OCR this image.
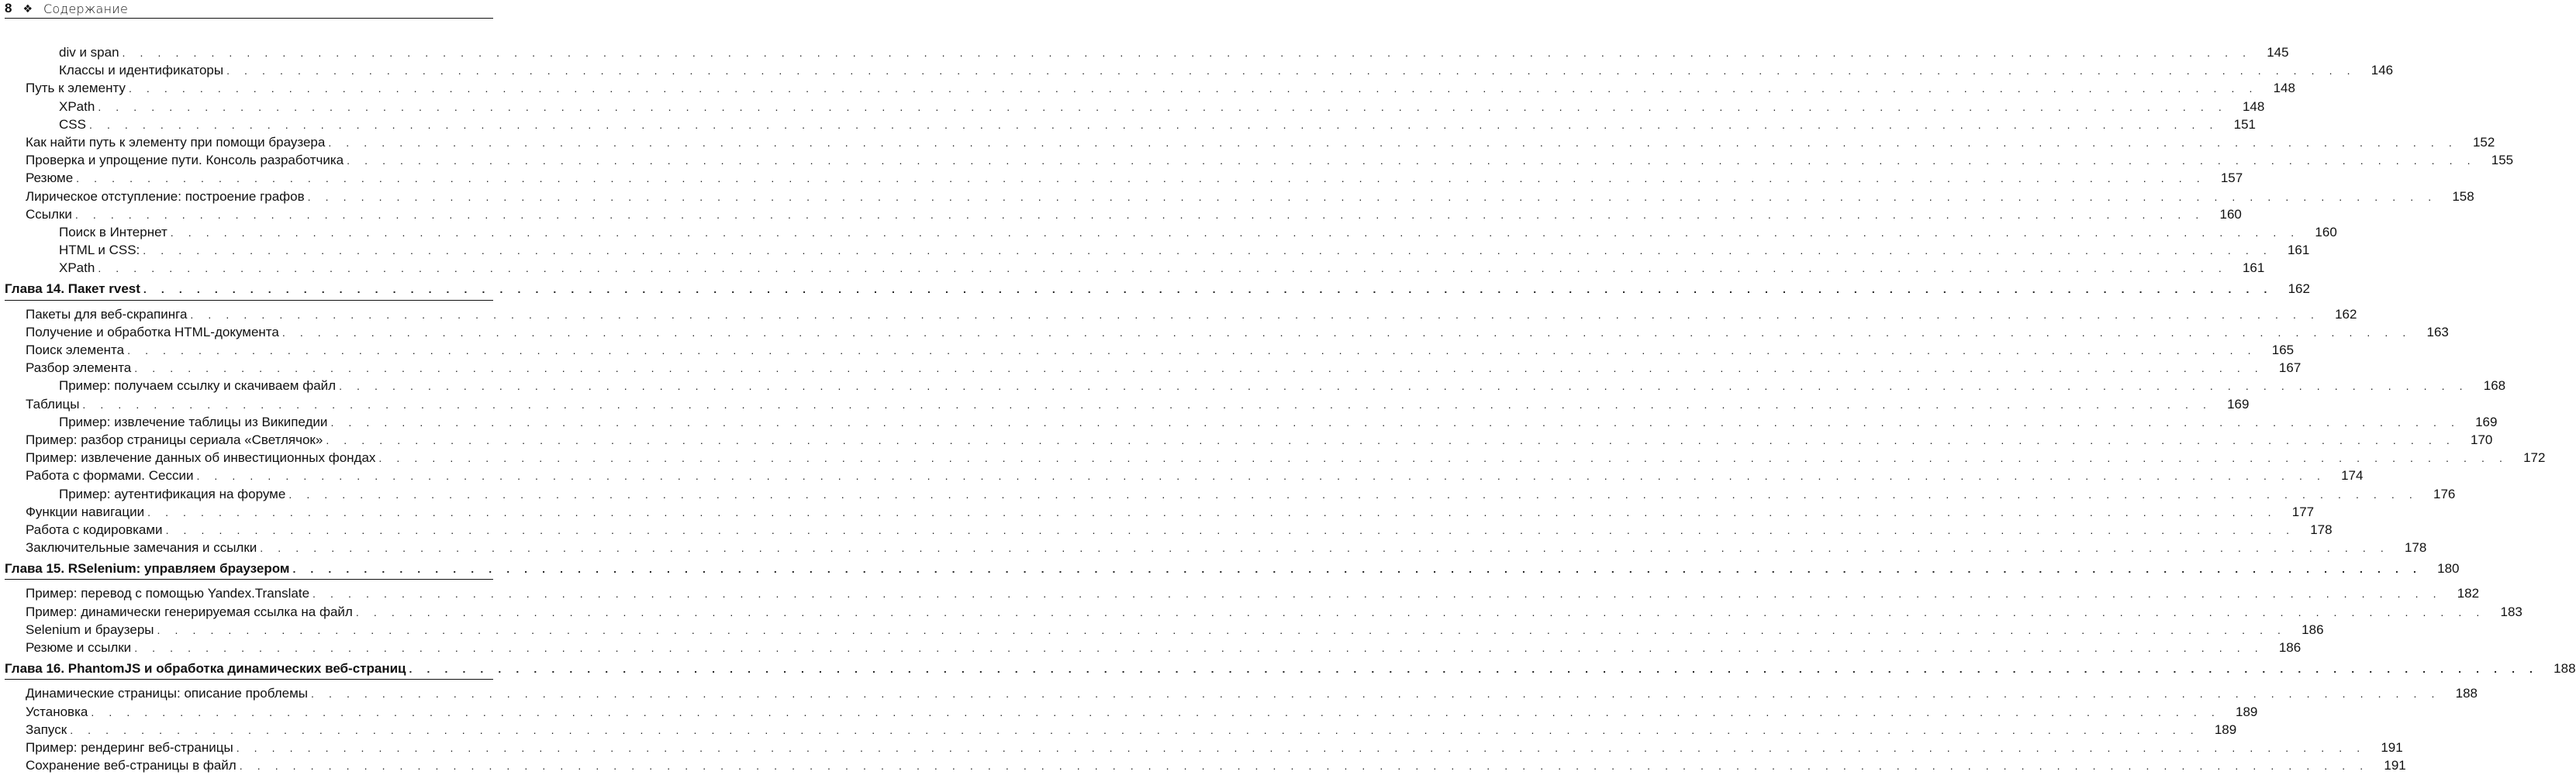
8 ❖ Содержание
div и span . . . . . . . . . . . . . . . . . . . . . . . . . . . . . . . . . . . . . . . . . . . . . . . . . . . . . . . . . . . . . . . . . . . . . . . . . . . . . . . . . . . . . . . . . . . . . . . . . . . . . . . . . . . . . . . . . . . . . . . .	145
Классы и идентификаторы . . . . . . . . . . . . . . . . . . . . . . . . . . . . . . . . . . . . . . . . . . . . . . . . . . . . . . . . . . . . . . . . . . . . . . . . . . . . . . . . . . . . . . . . . . . . . . . . . . . . . . . . . . . . . . . . . . . . . . . .	146
Путь к элементу . . . . . . . . . . . . . . . . . . . . . . . . . . . . . . . . . . . . . . . . . . . . . . . . . . . . . . . . . . . . . . . . . . . . . . . . . . . . . . . . . . . . . . . . . . . . . . . . . . . . . . . . . . . . . . . . . . . . . . . .	148
XPath . . . . . . . . . . . . . . . . . . . . . . . . . . . . . . . . . . . . . . . . . . . . . . . . . . . . . . . . . . . . . . . . . . . . . . . . . . . . . . . . . . . . . . . . . . . . . . . . . . . . . . . . . . . . . . . . . . . . . . . .	148
CSS . . . . . . . . . . . . . . . . . . . . . . . . . . . . . . . . . . . . . . . . . . . . . . . . . . . . . . . . . . . . . . . . . . . . . . . . . . . . . . . . . . . . . . . . . . . . . . . . . . . . . . . . . . . . . . . . . . . . . . . .	151
Как найти путь к элементу при помощи браузера . . . . . . . . . . . . . . . . . . . . . . . . . . . . . . . . . . . . . . . . . . . . . . . . . . . . . . . . . . . . . . . . . . . . . . . . . . . . . . . . . . . . . . . . . . . . . . . . . . . . . . . . . . . . . . . . . . . . . . . .	152
Проверка и упрощение пути. Консоль разработчика . . . . . . . . . . . . . . . . . . . . . . . . . . . . . . . . . . . . . . . . . . . . . . . . . . . . . . . . . . . . . . . . . . . . . . . . . . . . . . . . . . . . . . . . . . . . . . . . . . . . . . . . . . . . . . . . . . . . . . . .	155
Резюме . . . . . . . . . . . . . . . . . . . . . . . . . . . . . . . . . . . . . . . . . . . . . . . . . . . . . . . . . . . . . . . . . . . . . . . . . . . . . . . . . . . . . . . . . . . . . . . . . . . . . . . . . . . . . . . . . . . . . . . .	157
Лирическое отступление: построение графов . . . . . . . . . . . . . . . . . . . . . . . . . . . . . . . . . . . . . . . . . . . . . . . . . . . . . . . . . . . . . . . . . . . . . . . . . . . . . . . . . . . . . . . . . . . . . . . . . . . . . . . . . . . . . . . . . . . . . . . .	158
Ссылки . . . . . . . . . . . . . . . . . . . . . . . . . . . . . . . . . . . . . . . . . . . . . . . . . . . . . . . . . . . . . . . . . . . . . . . . . . . . . . . . . . . . . . . . . . . . . . . . . . . . . . . . . . . . . . . . . . . . . . . .	160
Поиск в Интернет . . . . . . . . . . . . . . . . . . . . . . . . . . . . . . . . . . . . . . . . . . . . . . . . . . . . . . . . . . . . . . . . . . . . . . . . . . . . . . . . . . . . . . . . . . . . . . . . . . . . . . . . . . . . . . . . . . . . . . . .	160
HTML и CSS: . . . . . . . . . . . . . . . . . . . . . . . . . . . . . . . . . . . . . . . . . . . . . . . . . . . . . . . . . . . . . . . . . . . . . . . . . . . . . . . . . . . . . . . . . . . . . . . . . . . . . . . . . . . . . . . . . . . . . . . .	161
XPath . . . . . . . . . . . . . . . . . . . . . . . . . . . . . . . . . . . . . . . . . . . . . . . . . . . . . . . . . . . . . . . . . . . . . . . . . . . . . . . . . . . . . . . . . . . . . . . . . . . . . . . . . . . . . . . . . . . . . . . .	161
Глава 14. Пакет rvest . . . . . . . . . . . . . . . . . . . . . . . . . . . . . . . . . . . . . . . . . . . . . . . . . . . . . . . . . . . . . . . . . . . . . . . . . . . . . . . . . . . . . . . . . . . . . . . . . . . . . . . . . . . . . . . . . . . . . . . .	162
Пакеты для веб-скрапинга . . . . . . . . . . . . . . . . . . . . . . . . . . . . . . . . . . . . . . . . . . . . . . . . . . . . . . . . . . . . . . . . . . . . . . . . . . . . . . . . . . . . . . . . . . . . . . . . . . . . . . . . . . . . . . . . . . . . . . . .	162
Получение и обработка HTML-документа . . . . . . . . . . . . . . . . . . . . . . . . . . . . . . . . . . . . . . . . . . . . . . . . . . . . . . . . . . . . . . . . . . . . . . . . . . . . . . . . . . . . . . . . . . . . . . . . . . . . . . . . . . . . . . . . . . . . . . . .	163
Поиск элемента . . . . . . . . . . . . . . . . . . . . . . . . . . . . . . . . . . . . . . . . . . . . . . . . . . . . . . . . . . . . . . . . . . . . . . . . . . . . . . . . . . . . . . . . . . . . . . . . . . . . . . . . . . . . . . . . . . . . . . . .	165
Разбор элемента . . . . . . . . . . . . . . . . . . . . . . . . . . . . . . . . . . . . . . . . . . . . . . . . . . . . . . . . . . . . . . . . . . . . . . . . . . . . . . . . . . . . . . . . . . . . . . . . . . . . . . . . . . . . . . . . . . . . . . . .	167
Пример: получаем ссылку и скачиваем файл . . . . . . . . . . . . . . . . . . . . . . . . . . . . . . . . . . . . . . . . . . . . . . . . . . . . . . . . . . . . . . . . . . . . . . . . . . . . . . . . . . . . . . . . . . . . . . . . . . . . . . . . . . . . . . . . . . . . . . . .	168
Таблицы . . . . . . . . . . . . . . . . . . . . . . . . . . . . . . . . . . . . . . . . . . . . . . . . . . . . . . . . . . . . . . . . . . . . . . . . . . . . . . . . . . . . . . . . . . . . . . . . . . . . . . . . . . . . . . . . . . . . . . . .	169
Пример: извлечение таблицы из Википедии . . . . . . . . . . . . . . . . . . . . . . . . . . . . . . . . . . . . . . . . . . . . . . . . . . . . . . . . . . . . . . . . . . . . . . . . . . . . . . . . . . . . . . . . . . . . . . . . . . . . . . . . . . . . . . . . . . . . . . . .	169
Пример: разбор страницы сериала «Светлячок» . . . . . . . . . . . . . . . . . . . . . . . . . . . . . . . . . . . . . . . . . . . . . . . . . . . . . . . . . . . . . . . . . . . . . . . . . . . . . . . . . . . . . . . . . . . . . . . . . . . . . . . . . . . . . . . . . . . . . . . .	170
Пример: извлечение данных об инвестиционных фондах . . . . . . . . . . . . . . . . . . . . . . . . . . . . . . . . . . . . . . . . . . . . . . . . . . . . . . . . . . . . . . . . . . . . . . . . . . . . . . . . . . . . . . . . . . . . . . . . . . . . . . . . . . . . . . . . . . . . . . . .	172
Работа с формами. Сессии . . . . . . . . . . . . . . . . . . . . . . . . . . . . . . . . . . . . . . . . . . . . . . . . . . . . . . . . . . . . . . . . . . . . . . . . . . . . . . . . . . . . . . . . . . . . . . . . . . . . . . . . . . . . . . . . . . . . . . . .	174
Пример: аутентификация на форуме . . . . . . . . . . . . . . . . . . . . . . . . . . . . . . . . . . . . . . . . . . . . . . . . . . . . . . . . . . . . . . . . . . . . . . . . . . . . . . . . . . . . . . . . . . . . . . . . . . . . . . . . . . . . . . . . . . . . . . . .	176
Функции навигации . . . . . . . . . . . . . . . . . . . . . . . . . . . . . . . . . . . . . . . . . . . . . . . . . . . . . . . . . . . . . . . . . . . . . . . . . . . . . . . . . . . . . . . . . . . . . . . . . . . . . . . . . . . . . . . . . . . . . . . .	177
Работа с кодировками . . . . . . . . . . . . . . . . . . . . . . . . . . . . . . . . . . . . . . . . . . . . . . . . . . . . . . . . . . . . . . . . . . . . . . . . . . . . . . . . . . . . . . . . . . . . . . . . . . . . . . . . . . . . . . . . . . . . . . . .	178
Заключительные замечания и ссылки . . . . . . . . . . . . . . . . . . . . . . . . . . . . . . . . . . . . . . . . . . . . . . . . . . . . . . . . . . . . . . . . . . . . . . . . . . . . . . . . . . . . . . . . . . . . . . . . . . . . . . . . . . . . . . . . . . . . . . . .	178
Глава 15. RSelenium: управляем браузером . . . . . . . . . . . . . . . . . . . . . . . . . . . . . . . . . . . . . . . . . . . . . . . . . . . . . . . . . . . . . . . . . . . . . . . . . . . . . . . . . . . . . . . . . . . . . . . . . . . . . . . . . . . . . . . . . . . . . . . .	180
Пример: перевод с помощью Yandex.Translate . . . . . . . . . . . . . . . . . . . . . . . . . . . . . . . . . . . . . . . . . . . . . . . . . . . . . . . . . . . . . . . . . . . . . . . . . . . . . . . . . . . . . . . . . . . . . . . . . . . . . . . . . . . . . . . . . . . . . . . .	182
Пример: динамически генерируемая ссылка на файл . . . . . . . . . . . . . . . . . . . . . . . . . . . . . . . . . . . . . . . . . . . . . . . . . . . . . . . . . . . . . . . . . . . . . . . . . . . . . . . . . . . . . . . . . . . . . . . . . . . . . . . . . . . . . . . . . . . . . . . .	183
Selenium и браузеры . . . . . . . . . . . . . . . . . . . . . . . . . . . . . . . . . . . . . . . . . . . . . . . . . . . . . . . . . . . . . . . . . . . . . . . . . . . . . . . . . . . . . . . . . . . . . . . . . . . . . . . . . . . . . . . . . . . . . . . .	186
Резюме и ссылки . . . . . . . . . . . . . . . . . . . . . . . . . . . . . . . . . . . . . . . . . . . . . . . . . . . . . . . . . . . . . . . . . . . . . . . . . . . . . . . . . . . . . . . . . . . . . . . . . . . . . . . . . . . . . . . . . . . . . . . .	186
Глава 16. PhantomJS и обработка динамических веб-страниц . . . . . . . . . . . . . . . . . . . . . . . . . . . . . . . . . . . . . . . . . . . . . . . . . . . . . . . . . . . . . . . . . . . . . . . . . . . . . . . . . . . . . . . . . . . . . . . . . . . . . . . . . . . . . . . . . . . . . . . .	188
Динамические страницы: описание проблемы . . . . . . . . . . . . . . . . . . . . . . . . . . . . . . . . . . . . . . . . . . . . . . . . . . . . . . . . . . . . . . . . . . . . . . . . . . . . . . . . . . . . . . . . . . . . . . . . . . . . . . . . . . . . . . . . . . . . . . . .	188
Установка . . . . . . . . . . . . . . . . . . . . . . . . . . . . . . . . . . . . . . . . . . . . . . . . . . . . . . . . . . . . . . . . . . . . . . . . . . . . . . . . . . . . . . . . . . . . . . . . . . . . . . . . . . . . . . . . . . . . . . . .	189
Запуск . . . . . . . . . . . . . . . . . . . . . . . . . . . . . . . . . . . . . . . . . . . . . . . . . . . . . . . . . . . . . . . . . . . . . . . . . . . . . . . . . . . . . . . . . . . . . . . . . . . . . . . . . . . . . . . . . . . . . . . .	189
Пример: рендеринг веб-страницы . . . . . . . . . . . . . . . . . . . . . . . . . . . . . . . . . . . . . . . . . . . . . . . . . . . . . . . . . . . . . . . . . . . . . . . . . . . . . . . . . . . . . . . . . . . . . . . . . . . . . . . . . . . . . . . . . . . . . . . .	191
Сохранение веб-страницы в файл . . . . . . . . . . . . . . . . . . . . . . . . . . . . . . . . . . . . . . . . . . . . . . . . . . . . . . . . . . . . . . . . . . . . . . . . . . . . . . . . . . . . . . . . . . . . . . . . . . . . . . . . . . . . . . . . . . . . . . . .	191
